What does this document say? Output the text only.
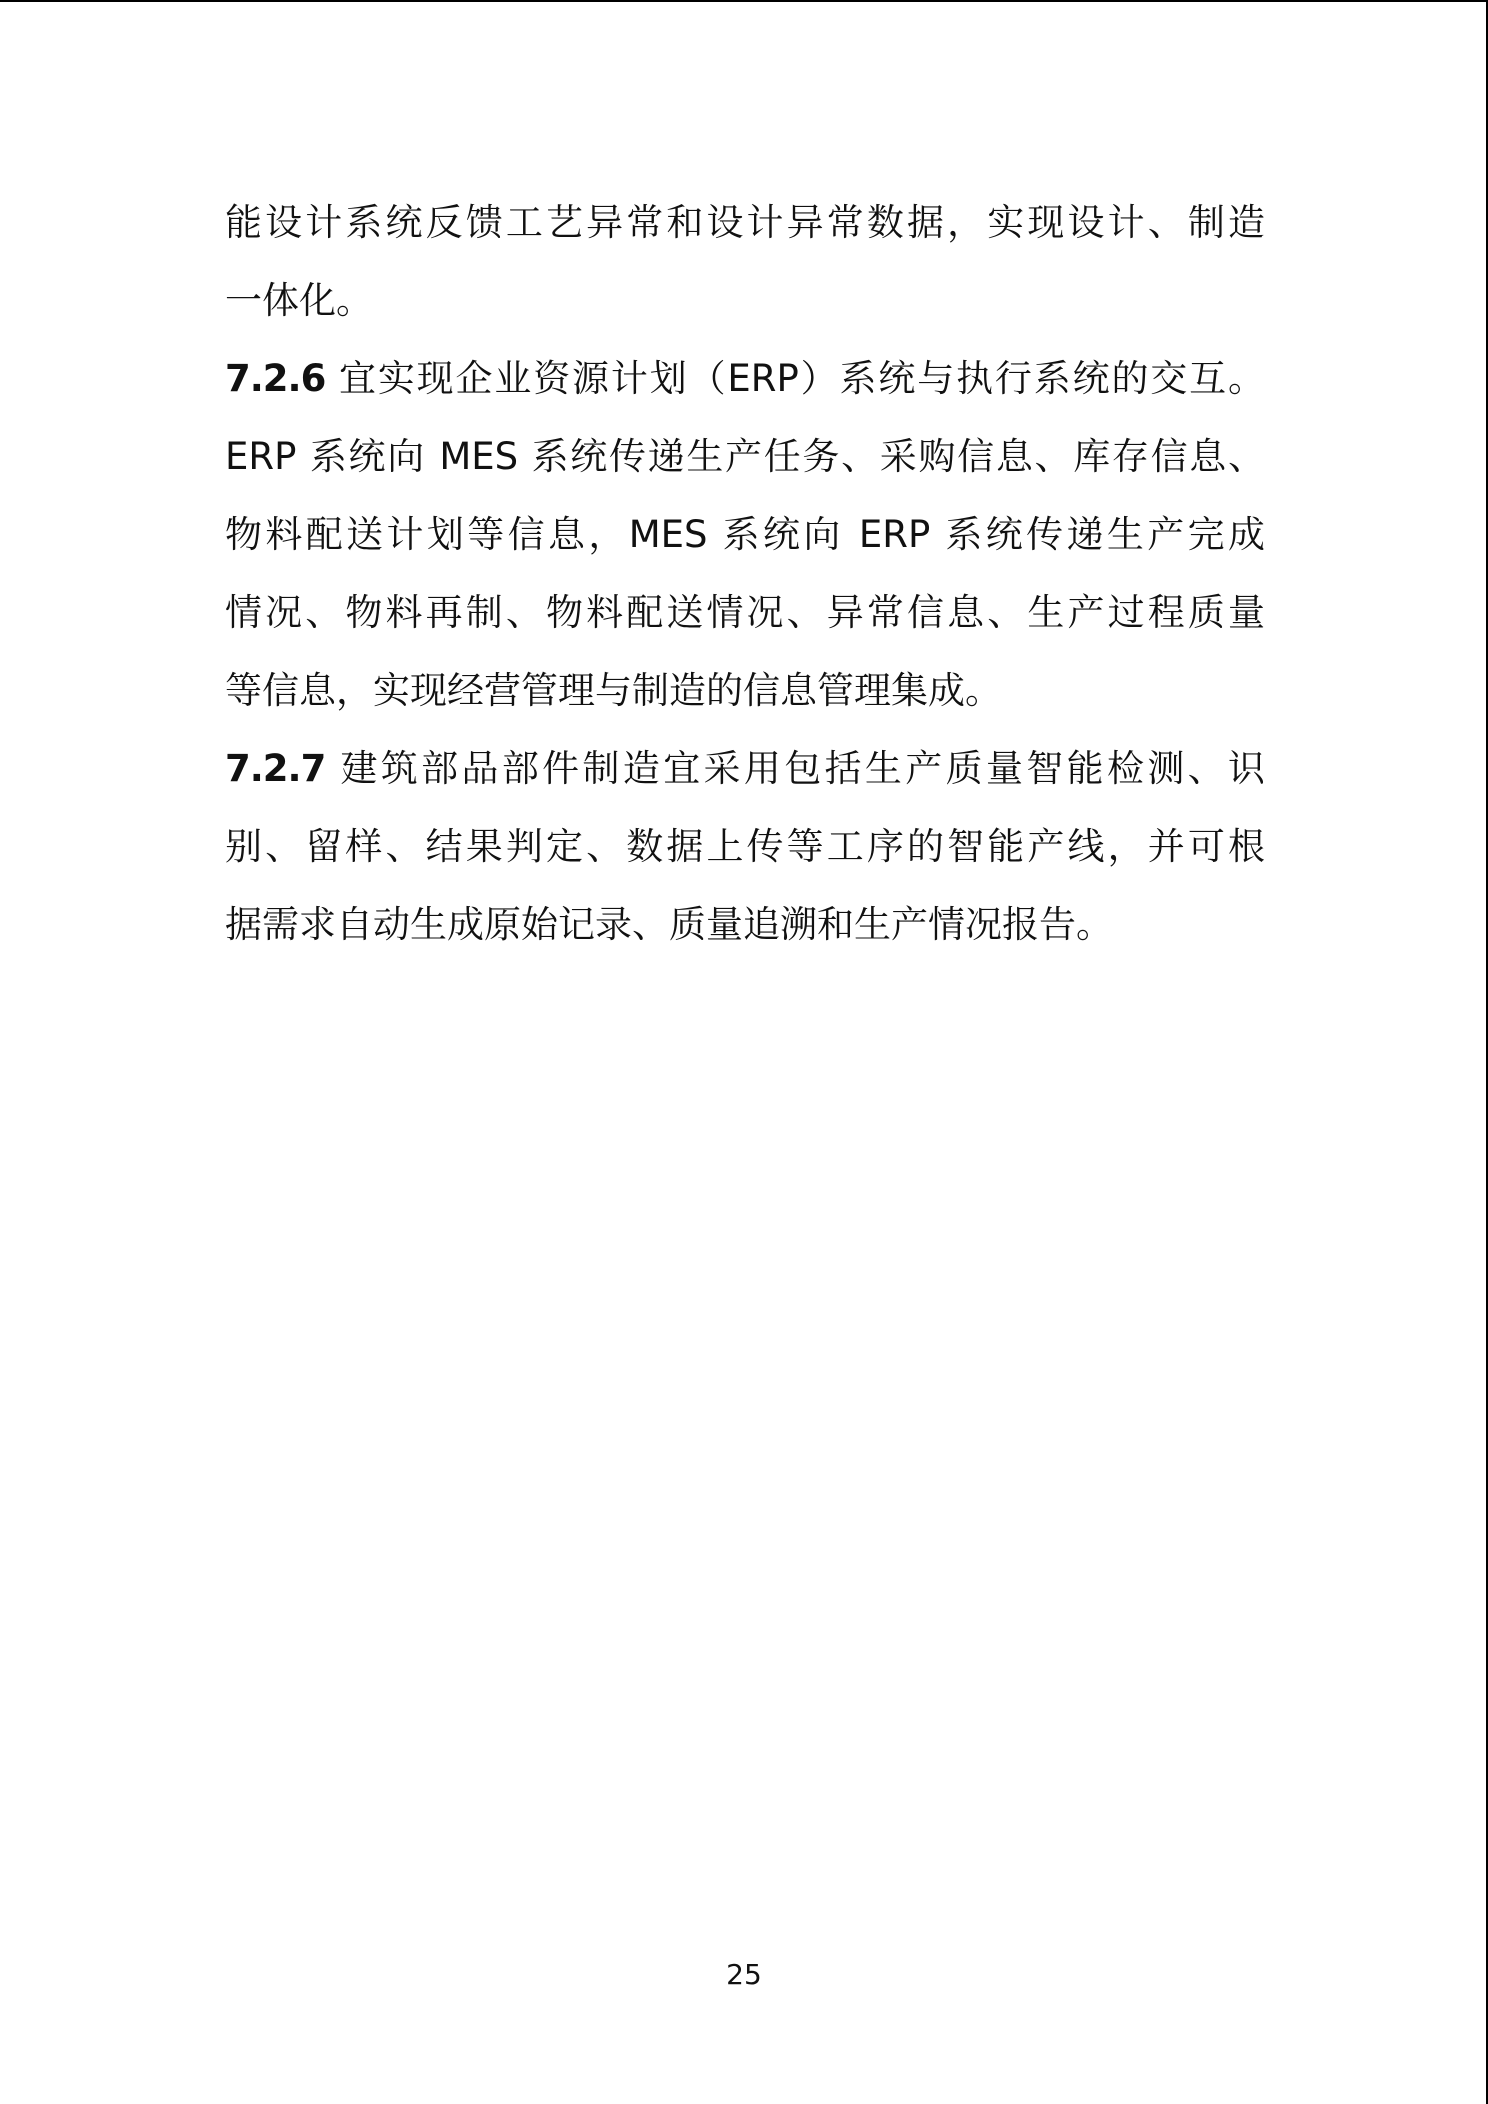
能设计系统反馈工艺异常和设计异常数据，实现设计、制造
一体化。
7.2.6 宜实现企业资源计划（ERP）系统与执行系统的交互。
ERP 系统向 MES 系统传递生产任务、采购信息、库存信息、
物料配送计划等信息，MES 系统向 ERP 系统传递生产完成
情况、物料再制、物料配送情况、异常信息、生产过程质量
等信息，实现经营管理与制造的信息管理集成。
7.2.7 建筑部品部件制造宜采用包括生产质量智能检测、识
别、留样、结果判定、数据上传等工序的智能产线，并可根
据需求自动生成原始记录、质量追溯和生产情况报告。
25
